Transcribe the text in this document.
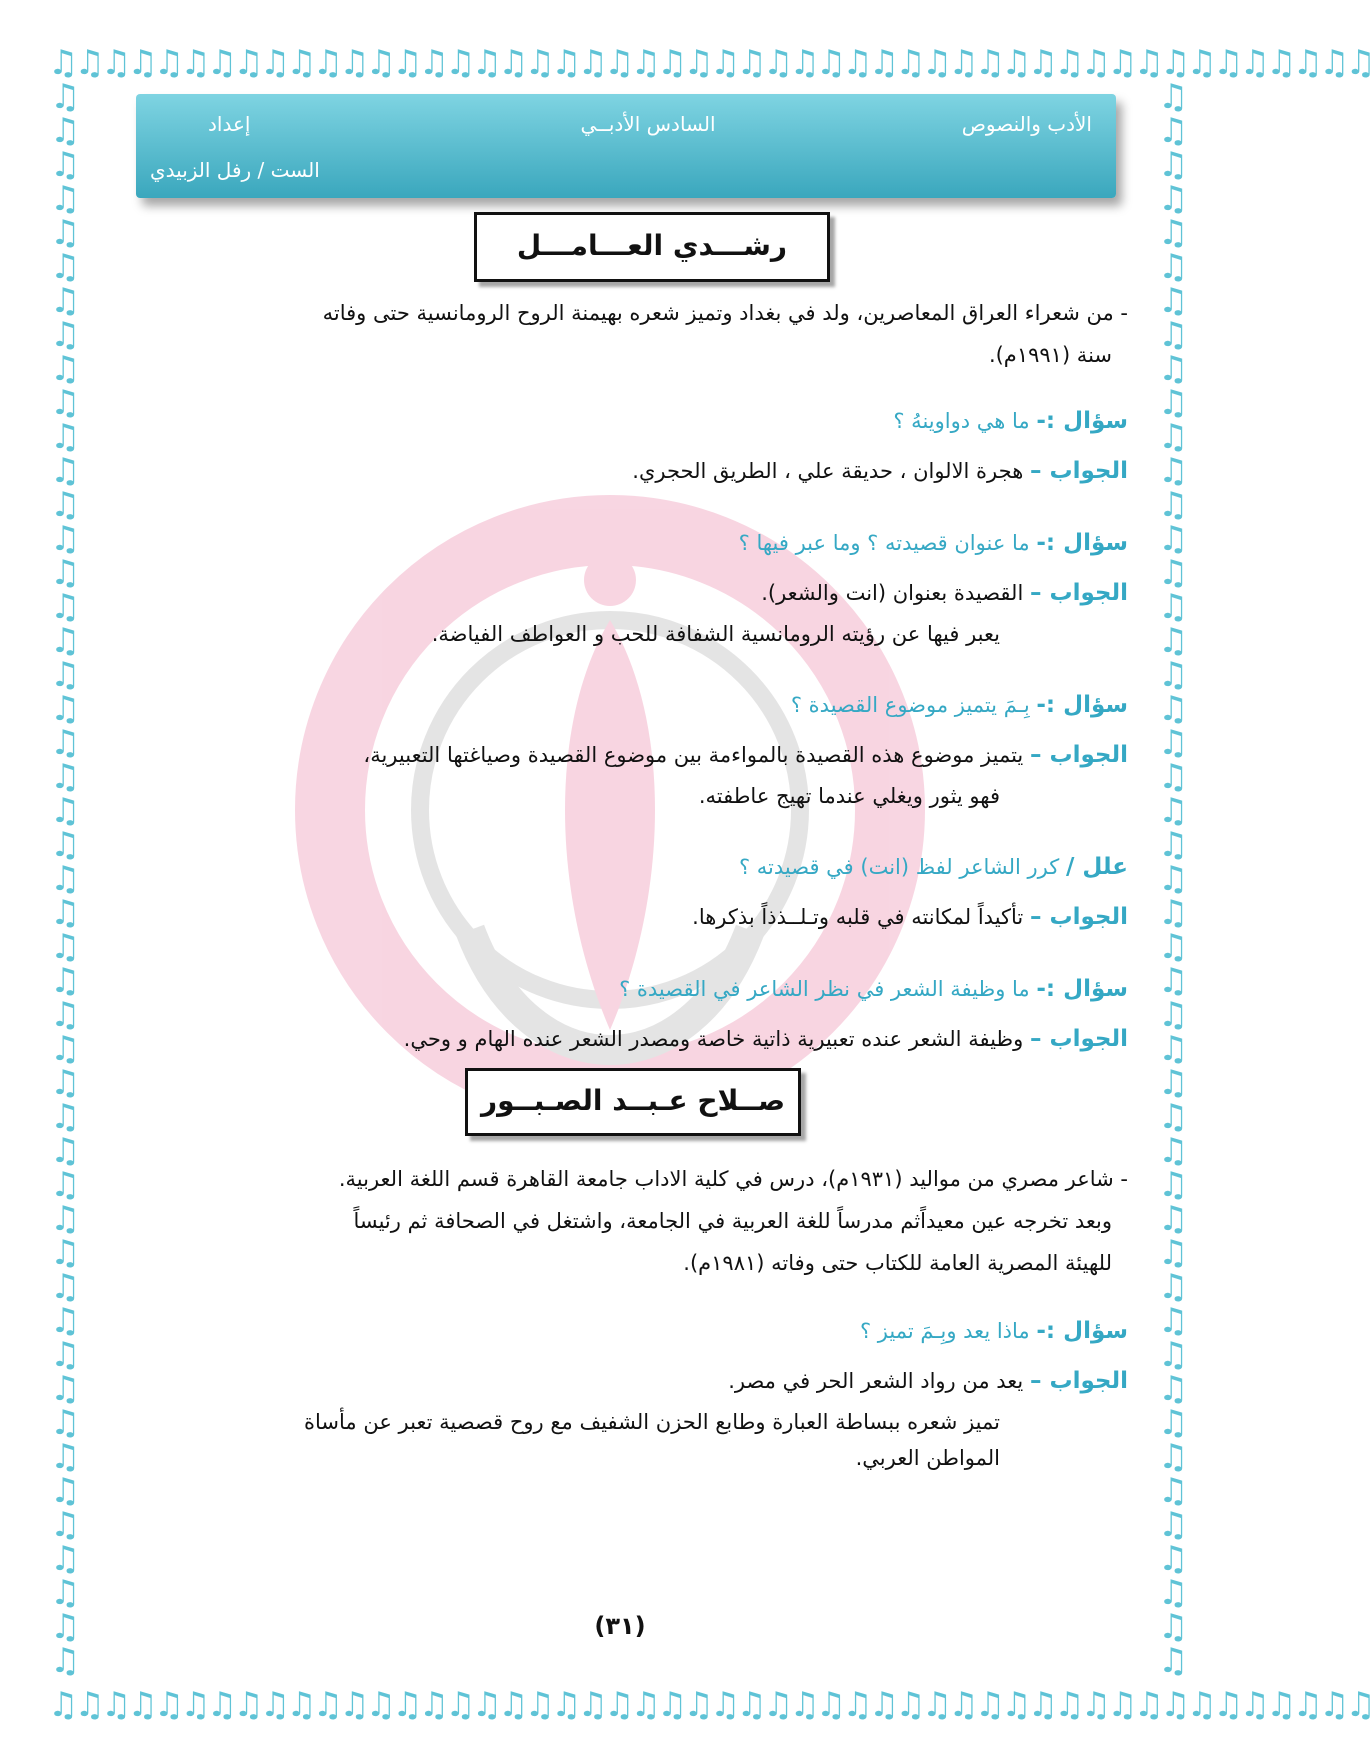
♫♫♫♫♫♫♫♫♫♫♫♫♫♫♫♫♫♫♫♫♫♫♫♫♫♫♫♫♫♫♫♫♫♫♫♫♫♫♫♫♫♫♫♫♫♫♫♫♫♫
♫♫♫♫♫♫♫♫♫♫♫♫♫♫♫♫♫♫♫♫♫♫♫♫♫♫♫♫♫♫♫♫♫♫♫♫♫♫♫♫♫♫♫♫♫♫♫♫♫♫
♫ ♫ ♫ ♫ ♫ ♫ ♫ ♫ ♫ ♫ ♫ ♫ ♫ ♫ ♫ ♫ ♫ ♫ ♫ ♫ ♫ ♫ ♫ ♫ ♫ ♫ ♫ ♫ ♫ ♫ ♫ ♫ ♫ ♫ ♫ ♫ ♫ ♫ ♫ ♫ ♫ ♫ ♫ ♫ ♫ ♫ ♫
♫ ♫ ♫ ♫ ♫ ♫ ♫ ♫ ♫ ♫ ♫ ♫ ♫ ♫ ♫ ♫ ♫ ♫ ♫ ♫ ♫ ♫ ♫ ♫ ♫ ♫ ♫ ♫ ♫ ♫ ♫ ♫ ♫ ♫ ♫ ♫ ♫ ♫ ♫ ♫ ♫ ♫ ♫ ♫ ♫ ♫ ♫
الأدب والنصوص
السادس الأدبــي
إعداد
الست / رفل الزبيدي
رشـــدي العـــامـــل
- من شعراء العراق المعاصرين، ولد في بغداد وتميز شعره بهيمنة الروح الرومانسية حتى وفاته
سنة (١٩٩١م).
سؤال :- ما هي دواوينهُ ؟
الجواب – هجرة الالوان ، حديقة علي ، الطريق الحجري.
سؤال :- ما عنوان قصيدته ؟ وما عبر فيها ؟
الجواب – القصيدة بعنوان (انت والشعر).
يعبر فيها عن رؤيته الرومانسية الشفافة للحب و العواطف الفياضة.
سؤال :- بِـمَ يتميز موضوع القصيدة ؟
الجواب – يتميز موضوع هذه القصيدة بالمواءمة بين موضوع القصيدة وصياغتها التعبيرية،
فهو يثور ويغلي عندما تهيج عاطفته.
علل / كرر الشاعر لفظ (انت) في قصيدته ؟
الجواب – تأكيداً لمكانته في قلبه وتـلــذذاً بذكرها.
سؤال :- ما وظيفة الشعر في نظر الشاعر في القصيدة ؟
الجواب – وظيفة الشعر عنده تعبيرية ذاتية خاصة ومصدر الشعر عنده الهام و وحي.
صــلاح عـبــد الصـبــور
- شاعر مصري من مواليد (١٩٣١م)، درس في كلية الاداب جامعة القاهرة قسم اللغة العربية.
وبعد تخرجه عين معيداًثم مدرساً للغة العربية في الجامعة، واشتغل في الصحافة ثم رئيساً
للهيئة المصرية العامة للكتاب حتى وفاته (١٩٨١م).
سؤال :- ماذا يعد وبِـمَ تميز ؟
الجواب – يعد من رواد الشعر الحر في مصر.
تميز شعره ببساطة العبارة وطابع الحزن الشفيف مع روح قصصية تعبر عن مأساة
المواطن العربي.
(٣١)
